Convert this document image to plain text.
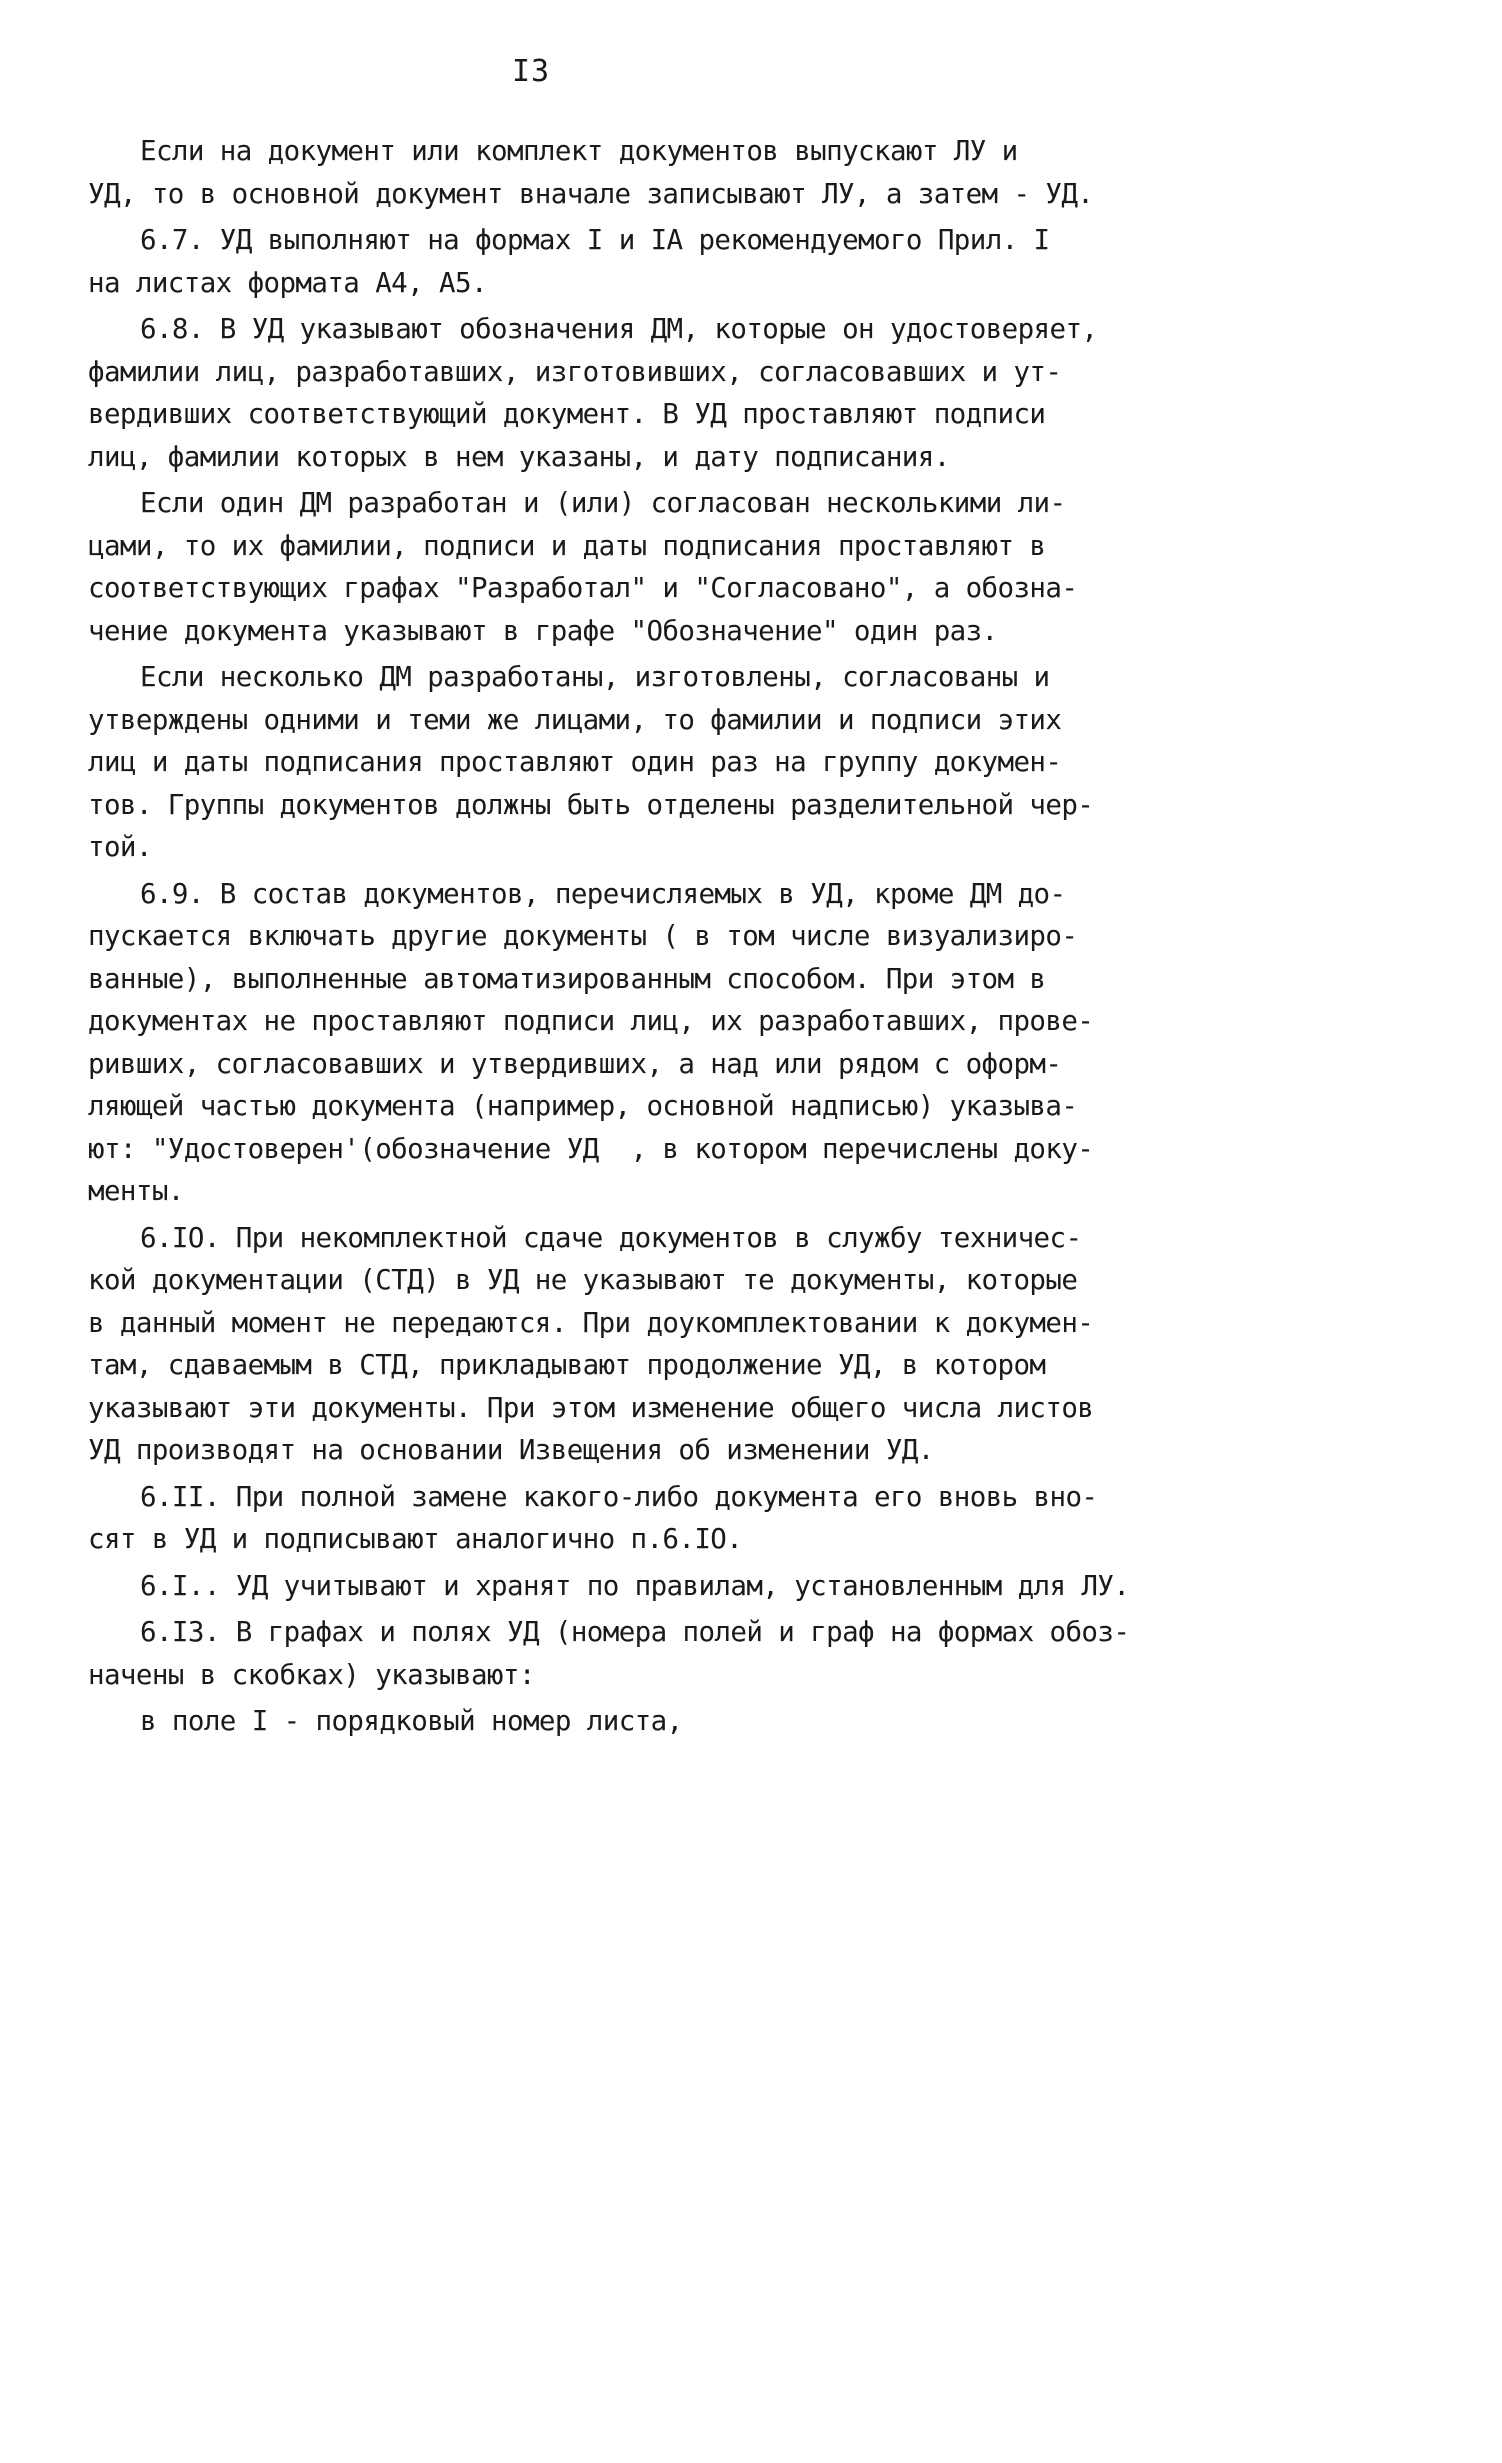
I3
Если на документ или комплект документов выпускают ЛУ и
УД, то в основной документ вначале записывают ЛУ, а затем - УД.
6.7. УД выполняют на формах I и IA рекомендуемого Прил. I
на листах формата А4, А5.
6.8. В УД указывают обозначения ДМ, которые он удостоверяет,
фамилии лиц, разработавших, изготовивших, согласовавших и ут-
вердивших соответствующий документ. В УД проставляют подписи
лиц, фамилии которых в нем указаны, и дату подписания.
Если один ДМ разработан и (или) согласован несколькими ли-
цами, то их фамилии, подписи и даты подписания проставляют в
соответствующих графах "Разработал" и "Согласовано", а обозна-
чение документа указывают в графе "Обозначение" один раз.
Если несколько ДМ разработаны, изготовлены, согласованы и
утверждены одними и теми же лицами, то фамилии и подписи этих
лиц и даты подписания проставляют один раз на группу докумен-
тов. Группы документов должны быть отделены разделительной чер-
той.
6.9. В состав документов, перечисляемых в УД, кроме ДМ до-
пускается включать другие документы ( в том числе визуализиро-
ванные), выполненные автоматизированным способом. При этом в
документах не проставляют подписи лиц, их разработавших, прове-
ривших, согласовавших и утвердивших, а над или рядом с оформ-
ляющей частью документа (например, основной надписью) указыва-
ют: "Удостоверен'(обозначение УД  , в котором перечислены доку-
менты.
6.IO. При некомплектной сдаче документов в службу техничес-
кой документации (СТД) в УД не указывают те документы, которые
в данный момент не передаются. При доукомплектовании к докумен-
там, сдаваемым в СТД, прикладывают продолжение УД, в котором
указывают эти документы. При этом изменение общего числа листов
УД производят на основании Извещения об изменении УД.
6.II. При полной замене какого-либо документа его вновь вно-
сят в УД и подписывают аналогично п.6.IO.
6.I.. УД учитывают и хранят по правилам, установленным для ЛУ.
6.I3. В графах и полях УД (номера полей и граф на формах обоз-
начены в скобках) указывают:
в поле I - порядковый номер листа,
